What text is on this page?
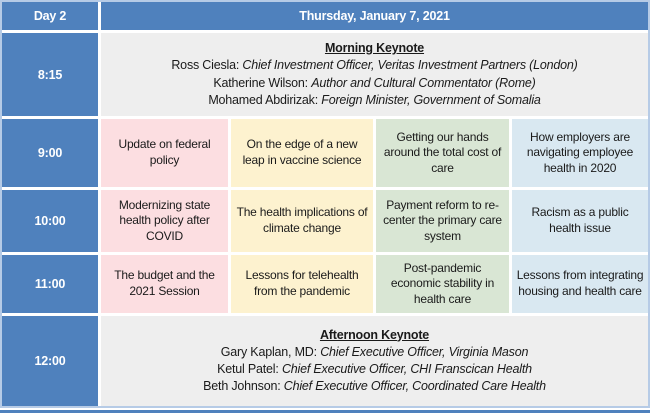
Day 2	Thursday, January 7, 2021
8:15
Morning Keynote
Ross Ciesla: Chief Investment Officer, Veritas Investment Partners (London)
Katherine Wilson: Author and Cultural Commentator (Rome)
Mohamed Abdirizak: Foreign Minister, Government of Somalia
9:00
Update on federal policy
On the edge of a new leap in vaccine science
Getting our hands around the total cost of care
How employers are navigating employee health in 2020
10:00
Modernizing state health policy after COVID
The health implications of climate change
Payment reform to re-center the primary care system
Racism as a public health issue
11:00
The budget and the 2021 Session
Lessons for telehealth from the pandemic
Post-pandemic economic stability in health care
Lessons from integrating housing and health care
12:00
Afternoon Keynote
Gary Kaplan, MD: Chief Executive Officer, Virginia Mason
Ketul Patel: Chief Executive Officer, CHI Franscican Health
Beth Johnson: Chief Executive Officer, Coordinated Care Health
